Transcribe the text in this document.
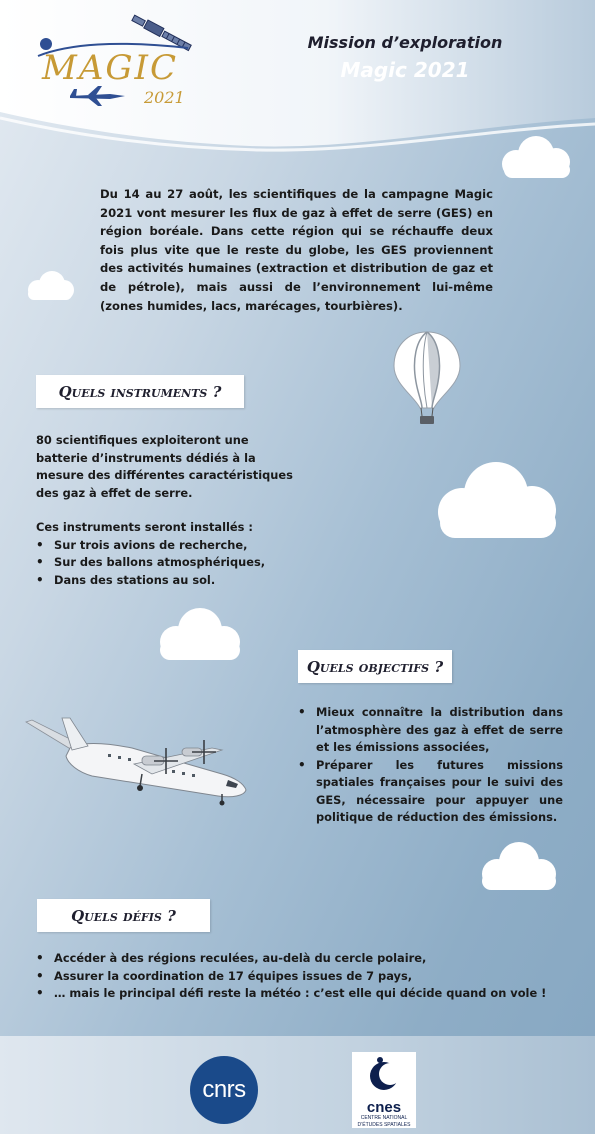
MAGIC
2021
Mission d’exploration
Magic 2021
Du 14 au 27 août, les scientifiques de la campagne Magic 2021 vont mesurer les flux de gaz à effet de serre (GES) en région boréale. Dans cette région qui se réchauffe deux fois plus vite que le reste du globe, les GES proviennent des activités humaines (extraction et distribution de gaz et de pétrole), mais aussi de l’environnement lui-même (zones humides, lacs, marécages, tourbières).
Quels instruments ?
80 scientifiques exploiteront une batterie d’instruments dédiés à la mesure des différentes caractéristiques des gaz à effet de serre.
Ces instruments seront installés :
• Sur trois avions de recherche,
• Sur des ballons atmosphériques,
• Dans des stations au sol.
Quels objectifs ?
• Mieux connaître la distribution dans l’atmosphère des gaz à effet de serre et les émissions associées,
• Préparer les futures missions spatiales françaises pour le suivi des GES, nécessaire pour appuyer une politique de réduction des émissions.
Quels défis ?
• Accéder à des régions reculées, au-delà du cercle polaire,
• Assurer la coordination de 17 équipes issues de 7 pays,
• … mais le principal défi reste la météo : c’est elle qui décide quand on vole !
cnrs
cnes
CENTRE NATIONAL
D’ÉTUDES SPATIALES
